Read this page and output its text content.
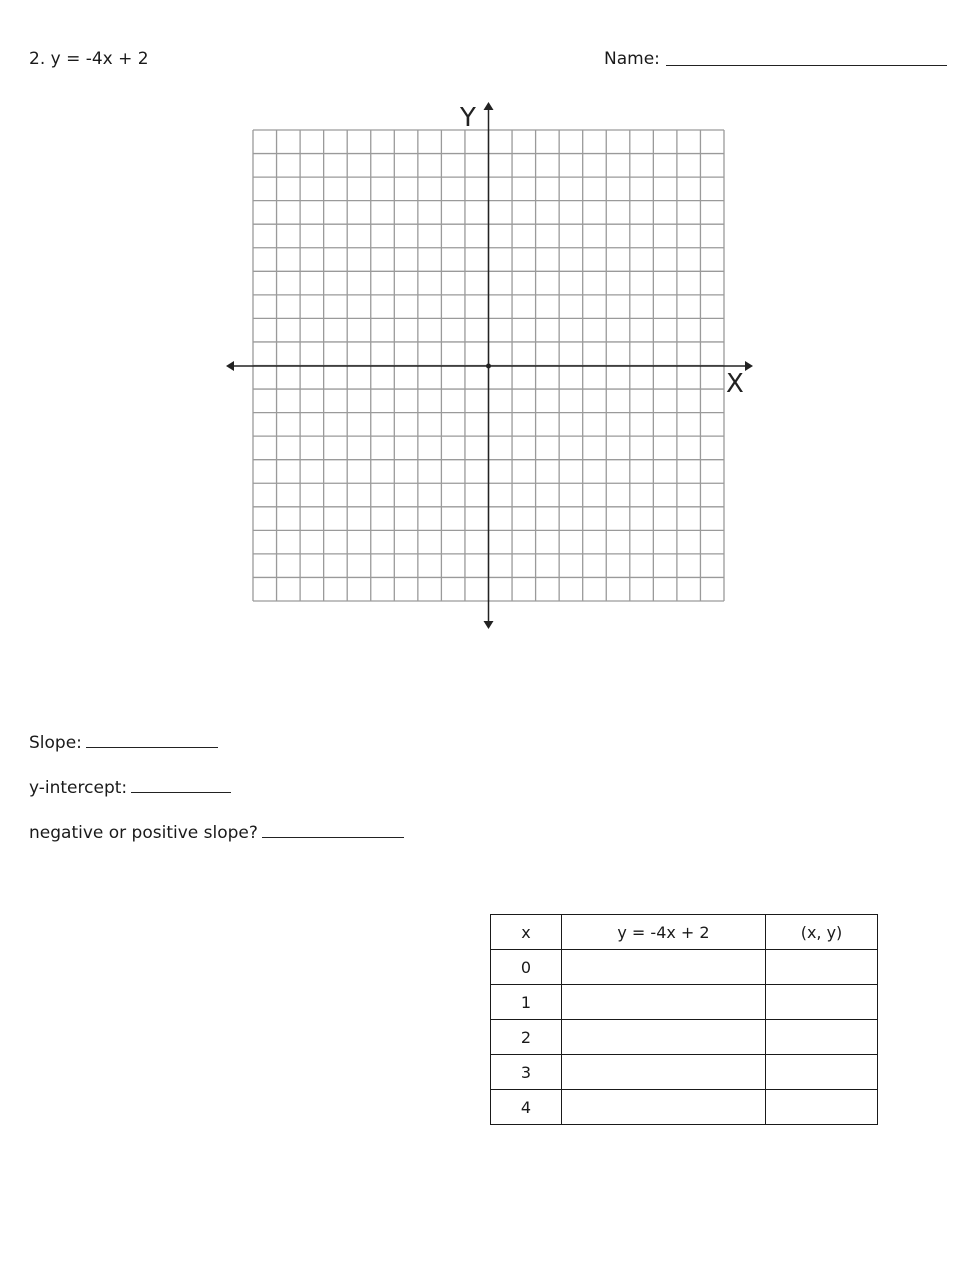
2. y = -4x + 2	Name:
Y
X
Slope:
y-intercept:
negative or positive slope?
x	y = -4x + 2	(x, y)
0		
1		
2		
3		
4		
